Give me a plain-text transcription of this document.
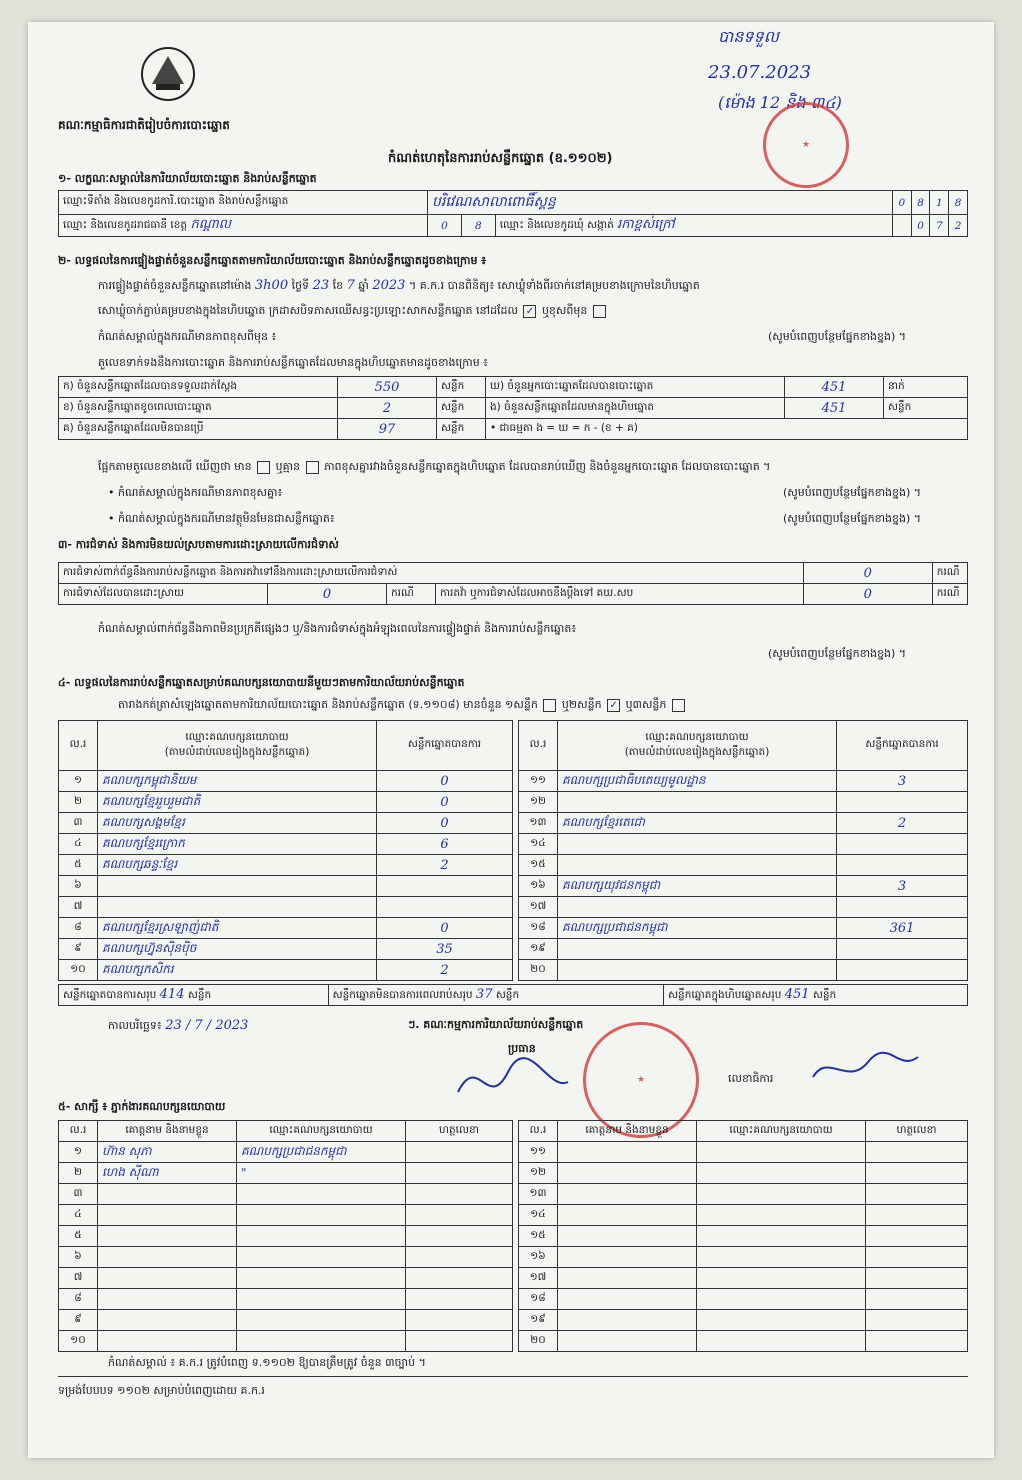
គណៈកម្មាធិការជាតិរៀបចំការបោះឆ្នោត
បានទទួល
23.07.2023
(ម៉ោង 12 និង ៣៤)
★
កំណត់ហេតុនៃការរាប់សន្លឹកឆ្នោត (ឧ.១១០២)
១- លក្ខណៈសម្គាល់នៃការិយាល័យបោះឆ្នោត និងរាប់សន្លឹកឆ្នោត
ឈ្មោះទីតាំង និងលេខកូដការិ.បោះឆ្នោត និងរាប់សន្លឹកឆ្នោត	បរិវេណសាលាពោធិ៍ស្គន្ធ			0	8	1	8
ឈ្មោះ និងលេខកូដរាជធានី ខេត្ត កណ្ដាល	0	8	ឈ្មោះ និងលេខកូដឃុំ សង្កាត់ រកាខ្ពស់ក្រៅ		0	7	2
២- លទ្ធផលនៃការផ្ទៀងផ្ទាត់ចំនួនសន្លឹកឆ្នោតតាមការិយាល័យបោះឆ្នោត និងរាប់សន្លឹកឆ្នោតដូចខាងក្រោម ៖
ការផ្ទៀងផ្ទាត់ចំនួនសន្លឹកឆ្នោតនៅម៉ោង 3h00 ថ្ងៃទី 23 ខែ 7 ឆ្នាំ 2023 ។ គ.ក.រ បានពិនិត្យ៖ សោឃ្លុំទាំងពីរចាក់នៅគម្របខាងក្រោមនៃហិបឆ្នោត
សោឃ្លុំចាក់ភ្ជាប់គម្របខាងក្នុងនៃហិបឆ្នោត ក្រដាសបិទភាសឈើសន្ធះប្រឡោះសាកសន្លឹកឆ្នោត នៅដដែល ✓ ឬខុសពីមុន
កំណត់សម្គាល់ក្នុងករណីមានភាពខុសពីមុន ៖	(សូមបំពេញបន្ថែមផ្នែកខាងខ្នង) ។
តួលេខទាក់ទងនឹងការបោះឆ្នោត និងការរាប់សន្លឹកឆ្នោតដែលមានក្នុងហិបឆ្នោតមានដូចខាងក្រោម ៖
ក) ចំនួនសន្លឹកឆ្នោតដែលបានទទួលដាក់ស្តែង	550	សន្លឹក	ឃ) ចំនួនអ្នកបោះឆ្នោតដែលបានបោះឆ្នោត	451	នាក់
ខ) ចំនួនសន្លឹកឆ្នោតខូចពេលបោះឆ្នោត	2	សន្លឹក	ង) ចំនួនសន្លឹកឆ្នោតដែលមានក្នុងហិបឆ្នោត	451	សន្លឹក
គ) ចំនួនសន្លឹកឆ្នោតដែលមិនបានប្រើ	97	សន្លឹក	• ជាធម្មតា ង = ឃ = ក - (ខ + គ)		
ផ្អែកតាមតួលេខខាងលើ ឃើញថា មាន ឬគ្មាន ភាពខុសគ្នារវាងចំនួនសន្លឹកឆ្នោតក្នុងហិបឆ្នោត ដែលបានរាប់ឃើញ និងចំនួនអ្នកបោះឆ្នោត ដែលបានបោះឆ្នោត ។
• កំណត់សម្គាល់ក្នុងករណីមានភាពខុសគ្នា៖	(សូមបំពេញបន្ថែមផ្នែកខាងខ្នង) ។
• កំណត់សម្គាល់ក្នុងករណីមានវត្ថុមិនមែនជាសន្លឹកឆ្នោត៖	(សូមបំពេញបន្ថែមផ្នែកខាងខ្នង) ។
៣- ការជំទាស់ និងការមិនយល់ស្របតាមការដោះស្រាយលើការជំទាស់
ការជំទាស់ពាក់ព័ន្ធនឹងការរាប់សន្លឹកឆ្នោត និងការតវ៉ាទៅនឹងការដោះស្រាយលើការជំទាស់				0	ករណី
ការជំទាស់ដែលបានដោះស្រាយ	0	ករណី	ការតវ៉ា ឬការជំទាស់ដែលអាចនឹងប្តឹងទៅ គឃ.សប	0	ករណី
កំណត់សម្គាល់ពាក់ព័ន្ធនឹងភាពមិនប្រក្រតីផ្សេងៗ ឬ/និងការជំទាស់ក្នុងអំឡុងពេលនៃការផ្ទៀងផ្ទាត់ និងការរាប់សន្លឹកឆ្នោត៖
(សូមបំពេញបន្ថែមផ្នែកខាងខ្នង) ។
៤- លទ្ធផលនៃការរាប់សន្លឹកឆ្នោតសម្រាប់គណបក្សនយោបាយនីមួយៗតាមការិយាល័យរាប់សន្លឹកឆ្នោត
តារាងកត់ត្រាសំឡេងឆ្នោតតាមការិយាល័យបោះឆ្នោត និងរាប់សន្លឹកឆ្នោត (ទ.១១០៨) មានចំនួន ១សន្លឹក ឬ២សន្លឹក ✓ ឬ៣សន្លឹក
ល.រ	ឈ្មោះគណបក្សនយោបាយ
(តាមលំដាប់លេខរៀងក្នុងសន្លឹកឆ្នោត)	សន្លឹកឆ្នោតបានការ
១	គណបក្សកម្ពុជានិយម	0
២	គណបក្សខ្មែររួបរួមជាតិ	0
៣	គណបក្សសង្គមខ្មែរ	0
៤	គណបក្សខ្មែរក្រោក	6
៥	គណបក្សឆន្ទៈខ្មែរ	2
៦		
៧		
៨	គណបក្សខ្មែរស្រឡាញ់ជាតិ	0
៩	គណបក្សហ្វ៊ុនស៊ិនប៉ិច	35
១០	គណបក្សកសិករ	2
ល.រ	ឈ្មោះគណបក្សនយោបាយ
(តាមលំដាប់លេខរៀងក្នុងសន្លឹកឆ្នោត)	សន្លឹកឆ្នោតបានការ
១១	គណបក្សប្រជាធិបតេយ្យមូលដ្ឋាន	3
១២		
១៣	គណបក្សខ្មែរតេជោ	2
១៤		
១៥		
១៦	គណបក្សយុវជនកម្ពុជា	3
១៧		
១៨	គណបក្សប្រជាជនកម្ពុជា	361
១៩		
២០		
សន្លឹកឆ្នោតបានការសរុប 414 សន្លឹក	សន្លឹកឆ្នោតមិនបានការពេលរាប់សរុប 37 សន្លឹក	សន្លឹកឆ្នោតក្នុងហិបឆ្នោតសរុប 451 សន្លឹក
កាលបរិច្ឆេទ៖ 23 / 7 / 2023	ៗ. គណៈកម្មការការិយាល័យរាប់សន្លឹកឆ្នោត
ប្រធាន
លេខាធិការ
★
៥- សាក្សី ៖ ភ្នាក់ងារគណបក្សនយោបាយ
ល.រ	គោត្តនាម និងនាមខ្លួន	ឈ្មោះគណបក្សនយោបាយ	ហត្ថលេខា
១	ហ៊ាន សុភា	គណបក្សប្រជាជនកម្ពុជា	
២	ហេង ស៊ីណា	"	
៣			
៤			
៥			
៦			
៧			
៨			
៩			
១០			
ល.រ	គោត្តនាម និងនាមខ្លួន	ឈ្មោះគណបក្សនយោបាយ	ហត្ថលេខា
១១			
១២			
១៣			
១៤			
១៥			
១៦			
១៧			
១៨			
១៩			
២០			
កំណត់សម្គាល់ ៖ គ.ក.រ ត្រូវបំពេញ ទ.១១០២ ឱ្យបានត្រឹមត្រូវ ចំនួន ៣ច្បាប់ ។
ទម្រង់បែបបទ ១១០២ សម្រាប់បំពេញដោយ គ.ក.រ
